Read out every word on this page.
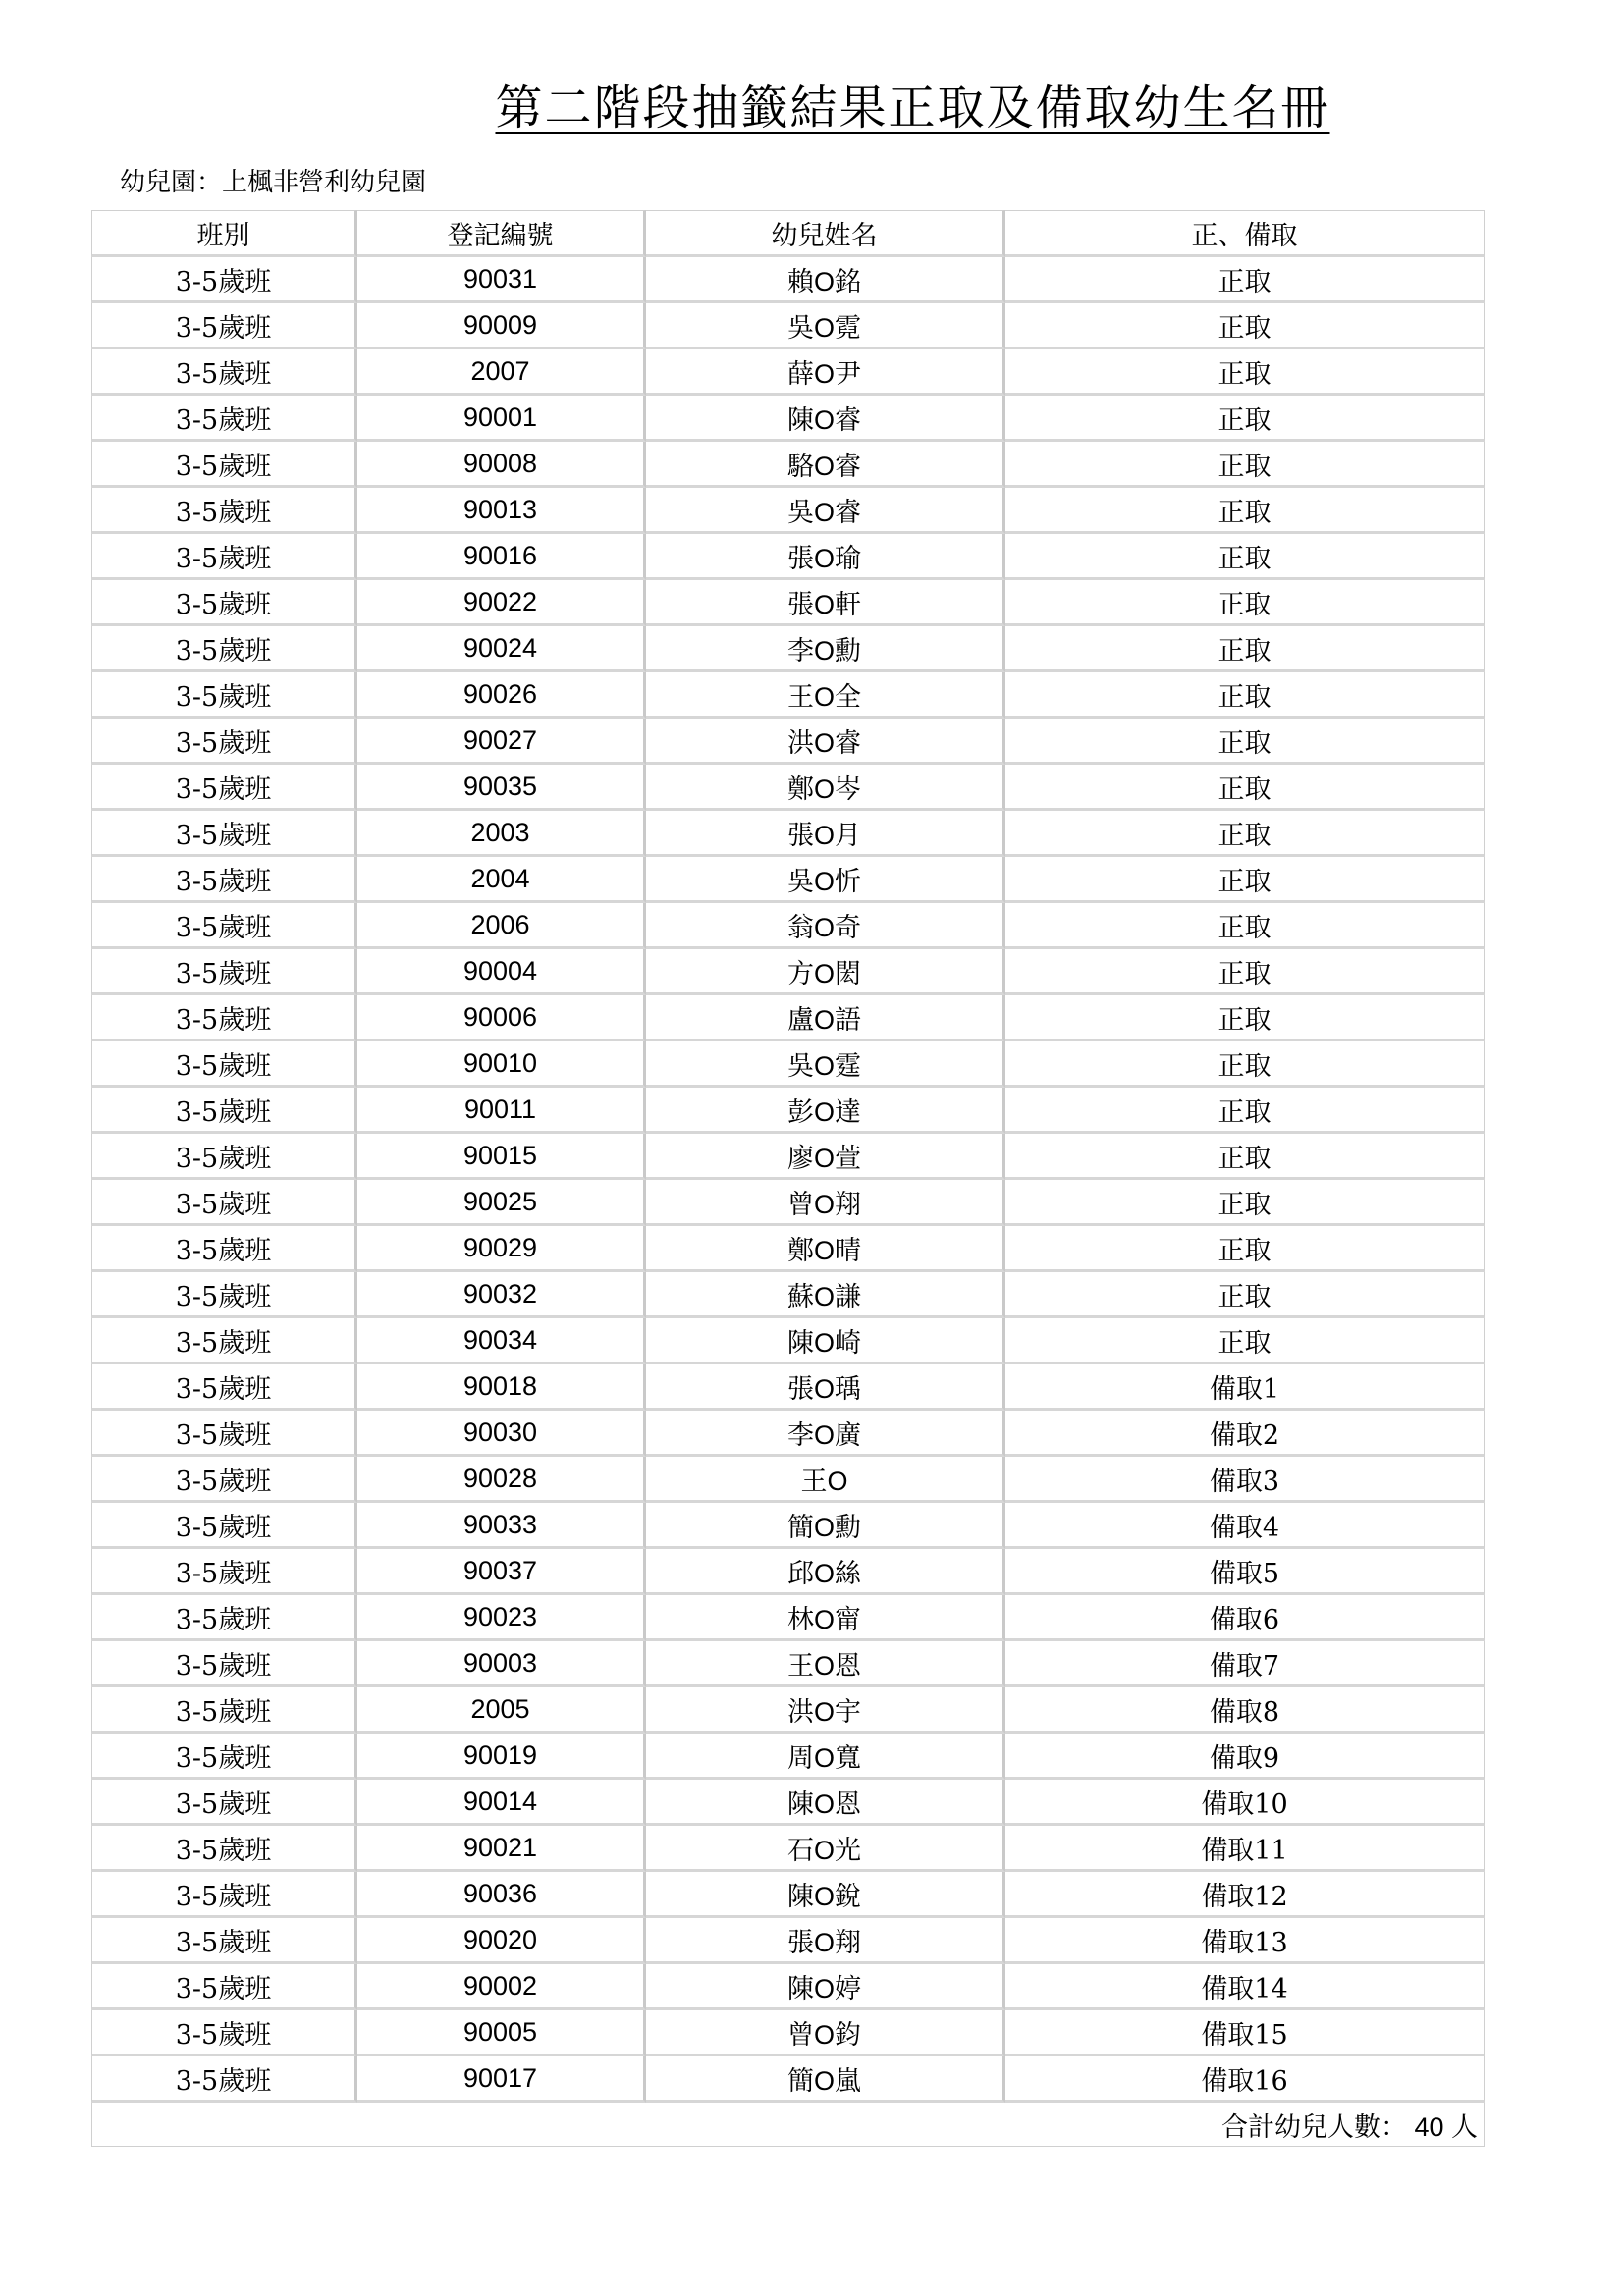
第二階段抽籤結果正取及備取幼生名冊
幼兒園：上楓非營利幼兒園
班別	登記編號	幼兒姓名	正、備取
3-5歲班	90031	賴O銘	正取
3-5歲班	90009	吳O霓	正取
3-5歲班	2007	薛O尹	正取
3-5歲班	90001	陳O睿	正取
3-5歲班	90008	駱O睿	正取
3-5歲班	90013	吳O睿	正取
3-5歲班	90016	張O瑜	正取
3-5歲班	90022	張O軒	正取
3-5歲班	90024	李O勳	正取
3-5歲班	90026	王O全	正取
3-5歲班	90027	洪O睿	正取
3-5歲班	90035	鄭O岑	正取
3-5歲班	2003	張O月	正取
3-5歲班	2004	吳O忻	正取
3-5歲班	2006	翁O奇	正取
3-5歲班	90004	方O閎	正取
3-5歲班	90006	盧O語	正取
3-5歲班	90010	吳O霆	正取
3-5歲班	90011	彭O達	正取
3-5歲班	90015	廖O萱	正取
3-5歲班	90025	曾O翔	正取
3-5歲班	90029	鄭O晴	正取
3-5歲班	90032	蘇O謙	正取
3-5歲班	90034	陳O崎	正取
3-5歲班	90018	張O瑀	備取1
3-5歲班	90030	李O廣	備取2
3-5歲班	90028	王O	備取3
3-5歲班	90033	簡O勳	備取4
3-5歲班	90037	邱O絲	備取5
3-5歲班	90023	林O甯	備取6
3-5歲班	90003	王O恩	備取7
3-5歲班	2005	洪O宇	備取8
3-5歲班	90019	周O寬	備取9
3-5歲班	90014	陳O恩	備取10
3-5歲班	90021	石O光	備取11
3-5歲班	90036	陳O銳	備取12
3-5歲班	90020	張O翔	備取13
3-5歲班	90002	陳O婷	備取14
3-5歲班	90005	曾O鈞	備取15
3-5歲班	90017	簡O嵐	備取16
合計幼兒人數： 40 人			
